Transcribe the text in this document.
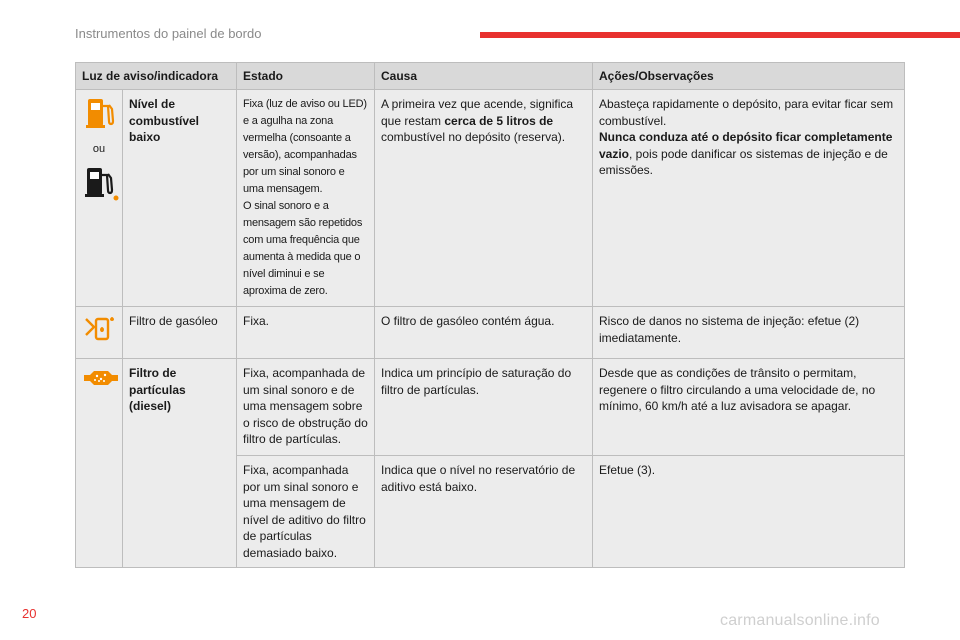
Instrumentos do painel de bordo
Luz de aviso/indicadora		Estado	Causa	Ações/Observações

ou	Nível de combustível baixo	Fixa (luz de aviso ou LED) e a agulha na zona vermelha (consoante a versão), acompanhadas por um sinal sonoro e uma mensagem.
O sinal sonoro e a mensagem são repetidos com uma frequência que aumenta à medida que o nível diminui e se aproxima de zero.	A primeira vez que acende, significa que restam cerca de 5 litros de combustível no depósito (reserva).	Abasteça rapidamente o depósito, para evitar ficar sem combustível.
Nunca conduza até o depósito ficar completamente vazio, pois pode danificar os sistemas de injeção e de emissões.
	Filtro de gasóleo	Fixa.	O filtro de gasóleo contém água.	Risco de danos no sistema de injeção: efetue (2) imediatamente.
	Filtro de partículas (diesel)	Fixa, acompanhada de um sinal sonoro e de uma mensagem sobre o risco de obstrução do filtro de partículas.	Indica um princípio de saturação do filtro de partículas.	Desde que as condições de trânsito o permitam, regenere o filtro circulando a uma velocidade de, no mínimo, 60 km/h até a luz avisadora se apagar.
		Fixa, acompanhada por um sinal sonoro e uma mensagem de nível de aditivo do filtro de partículas demasiado baixo.	Indica que o nível no reservatório de aditivo está baixo.	Efetue (3).
20	carmanualsonline.info
